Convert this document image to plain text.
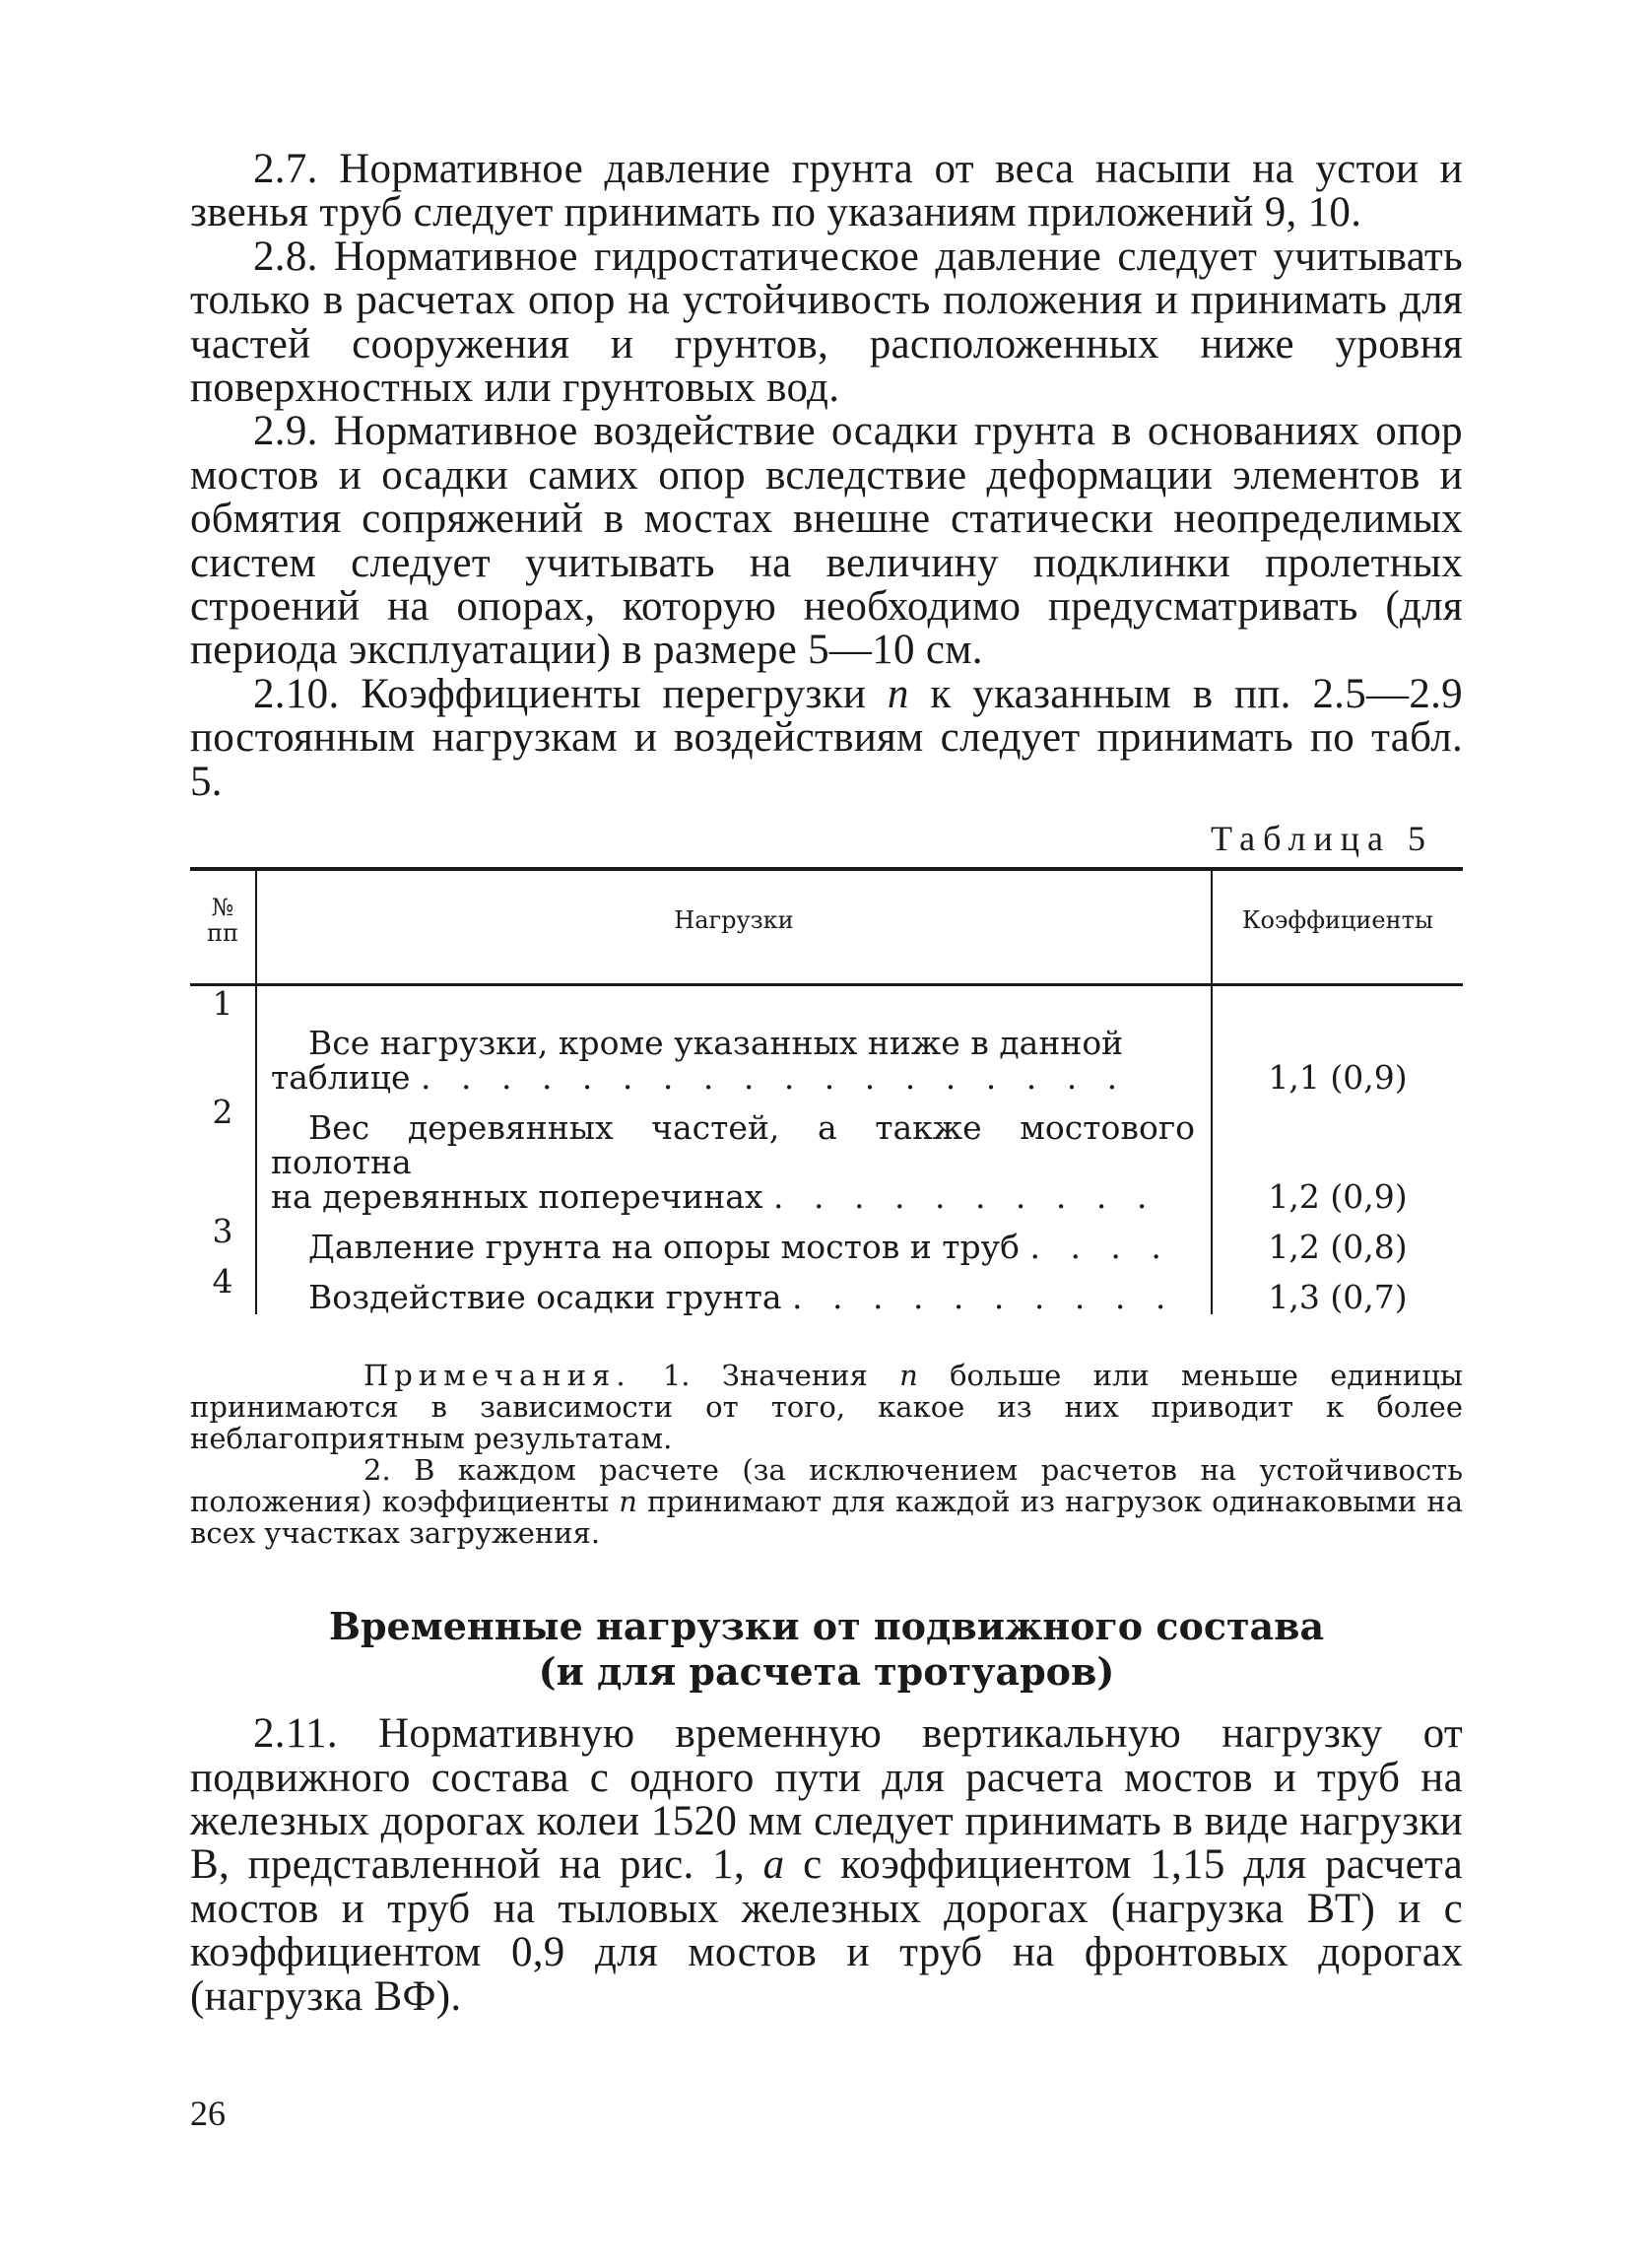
2.7. Нормативное давление грунта от веса насыпи на устои и звенья труб следует принимать по указаниям приложений 9, 10.

2.8. Нормативное гидростатическое давление следует учитывать только в расчетах опор на устойчивость положения и принимать для частей сооружения и грунтов, расположенных ниже уровня поверхностных или грунтовых вод.

2.9. Нормативное воздействие осадки грунта в основаниях опор мостов и осадки самих опор вследствие деформации элементов и обмятия сопряжений в мостах внешне статически неопределимых систем следует учитывать на величину подклинки пролетных строений на опорах, которую необходимо предусматривать (для периода эксплуатации) в размере 5—10 см.

2.10. Коэффициенты перегрузки n к указанным в пп. 2.5—2.9 постоянным нагрузкам и воздействиям следует принимать по табл. 5.

Таблица 5
№ пп	Нагрузки	Коэффициенты
1	Все нагрузки, кроме указанных ниже в данной
таблице . . . . . . . . . . . . . . . . . .	1,1 (0,9)
2	Вес деревянных частей, а также мостового полотна
на деревянных поперечинах . . . . . . . . . .	1,2 (0,9)
3	Давление грунта на опоры мостов и труб . . . .	1,2 (0,8)
4	Воздействие осадки грунта . . . . . . . . . .	1,3 (0,7)

Примечания. 1. Значения n больше или меньше единицы принимаются в зависимости от того, какое из них приводит к более неблагоприятным результатам.

2. В каждом расчете (за исключением расчетов на устойчивость положения) коэффициенты n принимают для каждой из нагрузок одинаковыми на всех участках загружения.

Временные нагрузки от подвижного состава
(и для расчета тротуаров)

2.11. Нормативную временную вертикальную нагрузку от подвижного состава с одного пути для расчета мостов и труб на железных дорогах колеи 1520 мм следует принимать в виде нагрузки В, представленной на рис. 1, а с коэффициентом 1,15 для расчета мостов и труб на тыловых железных дорогах (нагрузка ВТ) и с коэффициентом 0,9 для мостов и труб на фронтовых дорогах (нагрузка ВФ).

26
